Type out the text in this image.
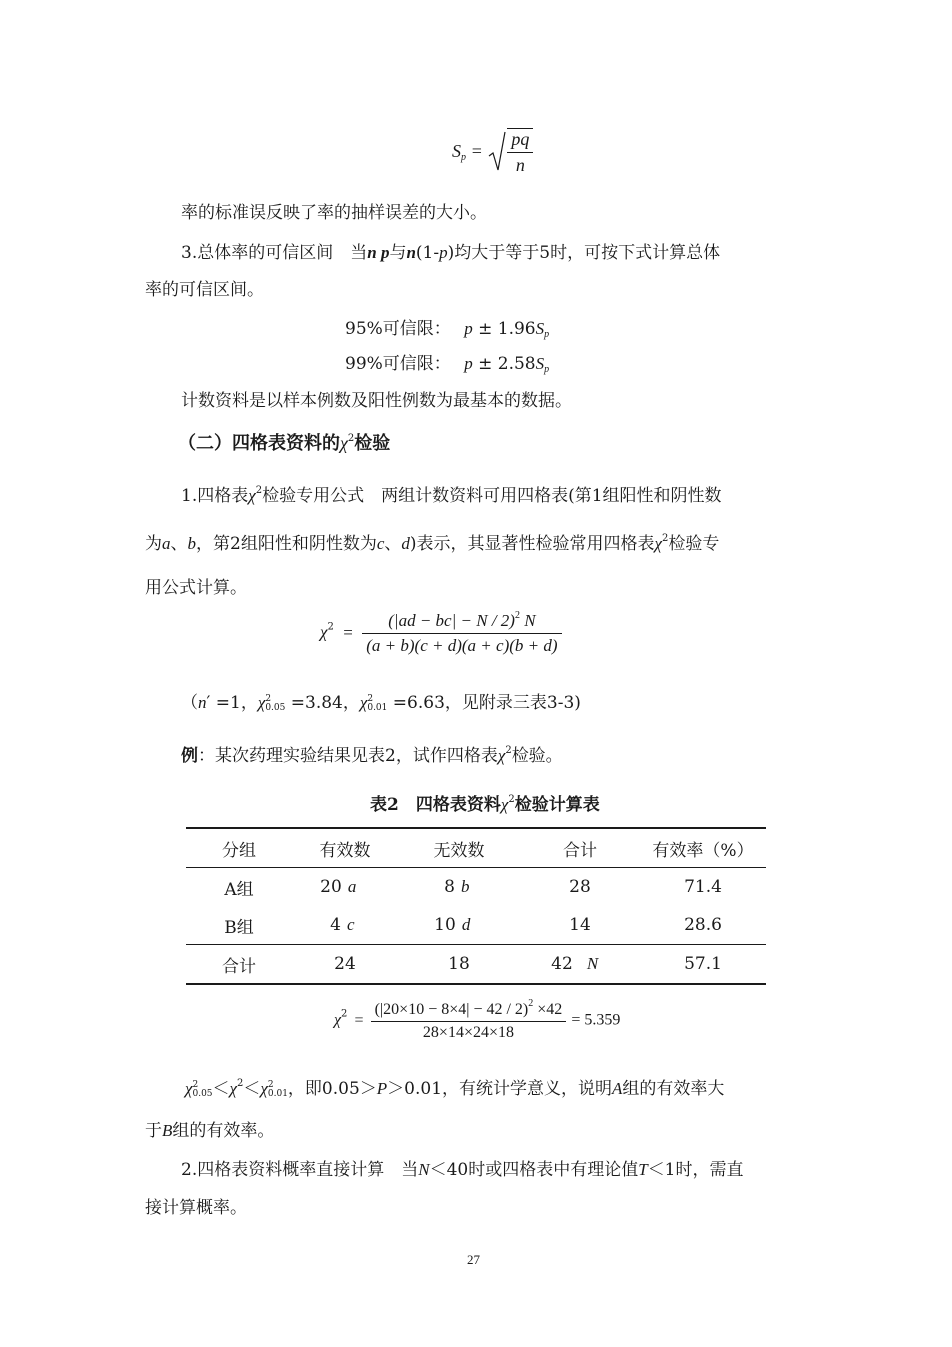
$S_p = \frac{pq}{n}$
率的标准误反映了率的抽样误差的大小。
3.总体率的可信区间　当n p与n(1-p)均大于等于5时，可按下式计算总体
率的可信区间。
95%可信限： $p \pm 1.96S_p$
99%可信限： $p \pm 2.58S_p$
计数资料是以样本例数及阳性例数为最基本的数据。
（二）四格表资料的$\chi^2$检验
1.四格表$\chi^2$检验专用公式　两组计数资料可用四格表(第1组阳性和阴性数
为a、b，第2组阳性和阴性数为c、d)表示，其显著性检验常用四格表$\chi^2$检验专
用公式计算。
$\chi^2 = \frac{(|ad - bc| - N / 2)^2 N}{(a + b)(c + d)(a + c)(b + d)}$
（n′ =1，χ 2
0.05 =3.84，χ 2
0.01 =6.63，见附录三表3-3)
例：某次药理实验结果见表2，试作四格表$\chi^2$检验。
表2　四格表资料$\chi^2$检验计算表
分组	有效数	无效数	合计	有效率（%）
A组	20 a	8 b	28	71.4
B组	4 c	10 d	14	28.6
合计	24	18	42 N	57.1
$\chi^2 = \frac{(|20\times 10 - 8\times 4| - 42 / 2)^2 \times 42}{28\times 14\times 24\times 18} = 5.359$
χ 2
$0.05 <\chi^2<\chi$ 2
0.01 ，即0.05＞P＞0.01，有统计学意义，说明A组的有效率大
于B组的有效率。
2.四格表资料概率直接计算　当N＜40时或四格表中有理论值T＜1时，需直
接计算概率。
27
